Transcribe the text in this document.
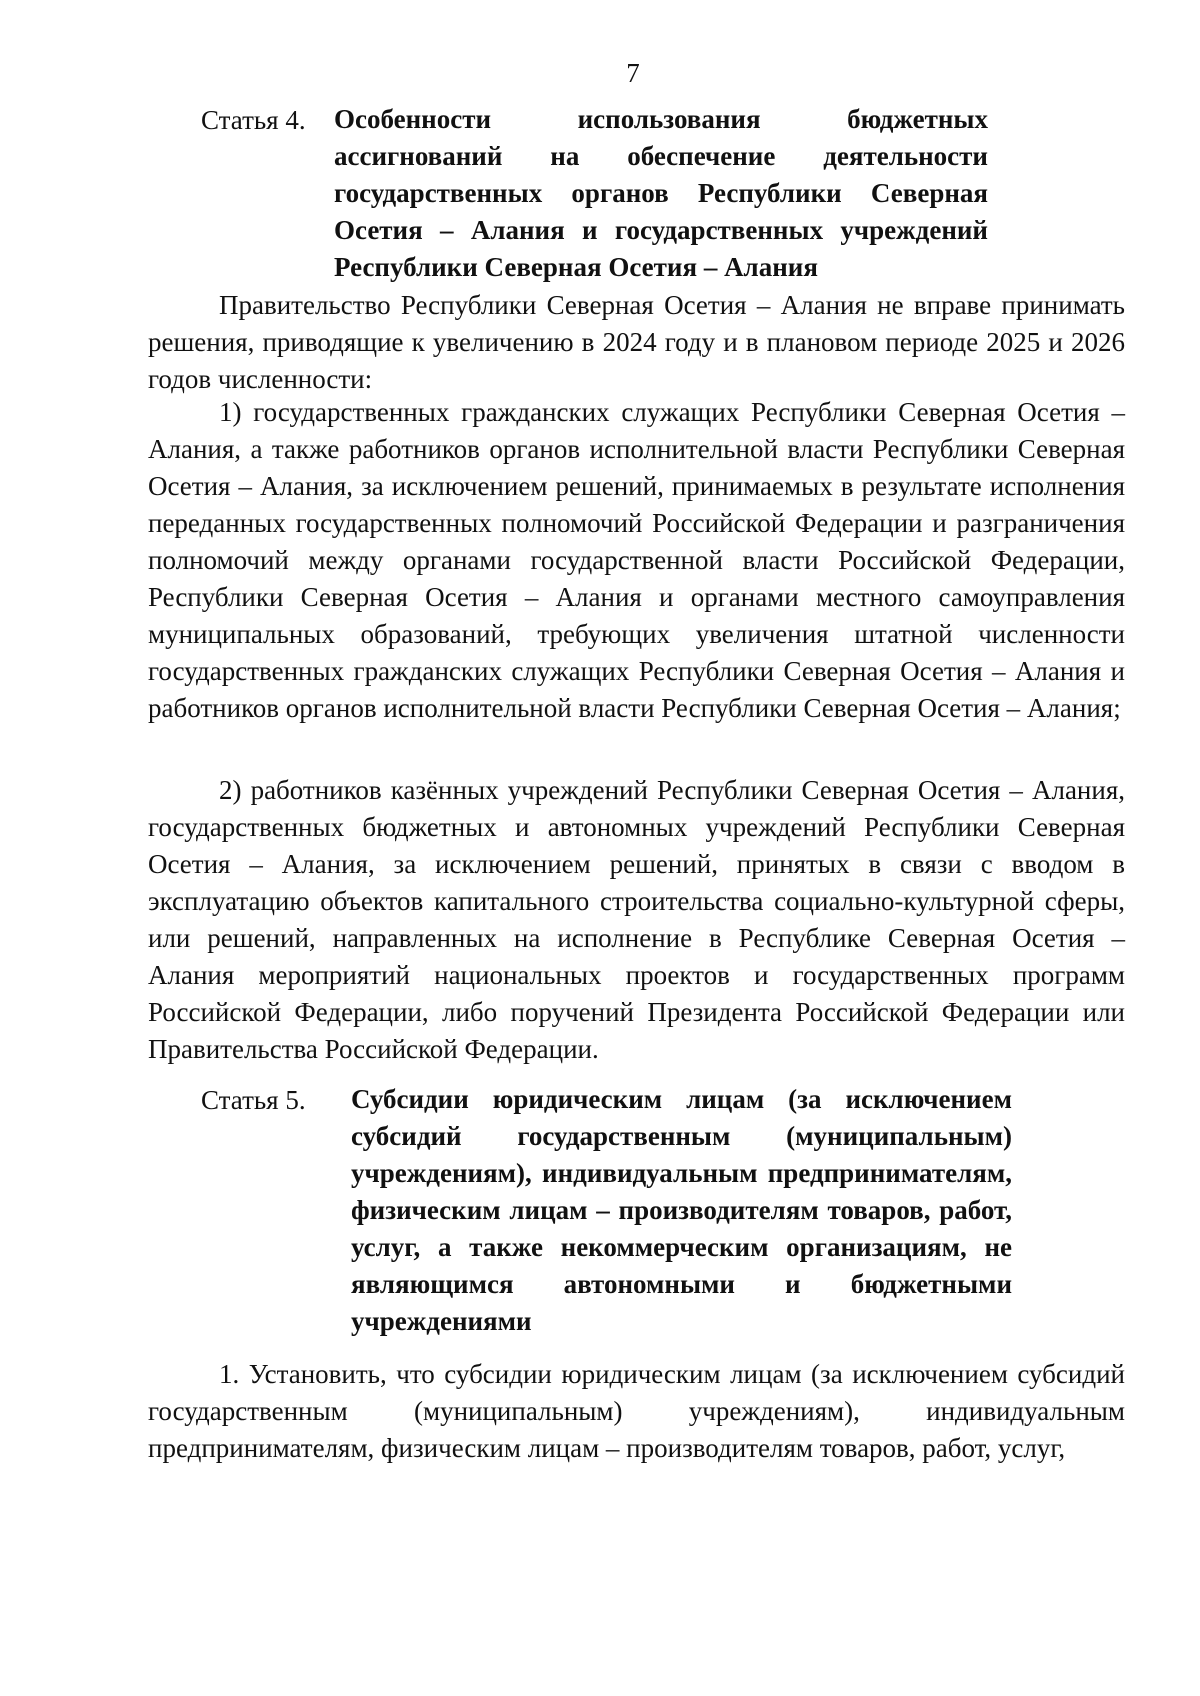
7
Статья 4. Особенности использования бюджетных ассигнований на обеспечение деятельности государственных органов Республики Северная Осетия – Алания и государственных учреждений Республики Северная Осетия – Алания

Правительство Республики Северная Осетия – Алания не вправе принимать решения, приводящие к увеличению в 2024 году и в плановом периоде 2025 и 2026 годов численности:

1) государственных гражданских служащих Республики Северная Осетия – Алания, а также работников органов исполнительной власти Республики Северная Осетия – Алания, за исключением решений, принимаемых в результате исполнения переданных государственных полномочий Российской Федерации и разграничения полномочий между органами государственной власти Российской Федерации, Республики Северная Осетия – Алания и органами местного самоуправления муниципальных образований, требующих увеличения штатной численности государственных гражданских служащих Республики Северная Осетия – Алания и работников органов исполнительной власти Республики Северная Осетия – Алания;

2) работников казённых учреждений Республики Северная Осетия – Алания, государственных бюджетных и автономных учреждений Республики Северная Осетия – Алания, за исключением решений, принятых в связи с вводом в эксплуатацию объектов капитального строительства социально-культурной сферы, или решений, направленных на исполнение в Республике Северная Осетия – Алания мероприятий национальных проектов и государственных программ Российской Федерации, либо поручений Президента Российской Федерации или Правительства Российской Федерации.

Статья 5. Субсидии юридическим лицам (за исключением субсидий государственным (муниципальным) учреждениям), индивидуальным предпринимателям, физическим лицам – производителям товаров, работ, услуг, а также некоммерческим организациям, не являющимся автономными и бюджетными учреждениями

1. Установить, что субсидии юридическим лицам (за исключением субсидий государственным (муниципальным) учреждениям), индивидуальным предпринимателям, физическим лицам – производителям товаров, работ, услуг,
